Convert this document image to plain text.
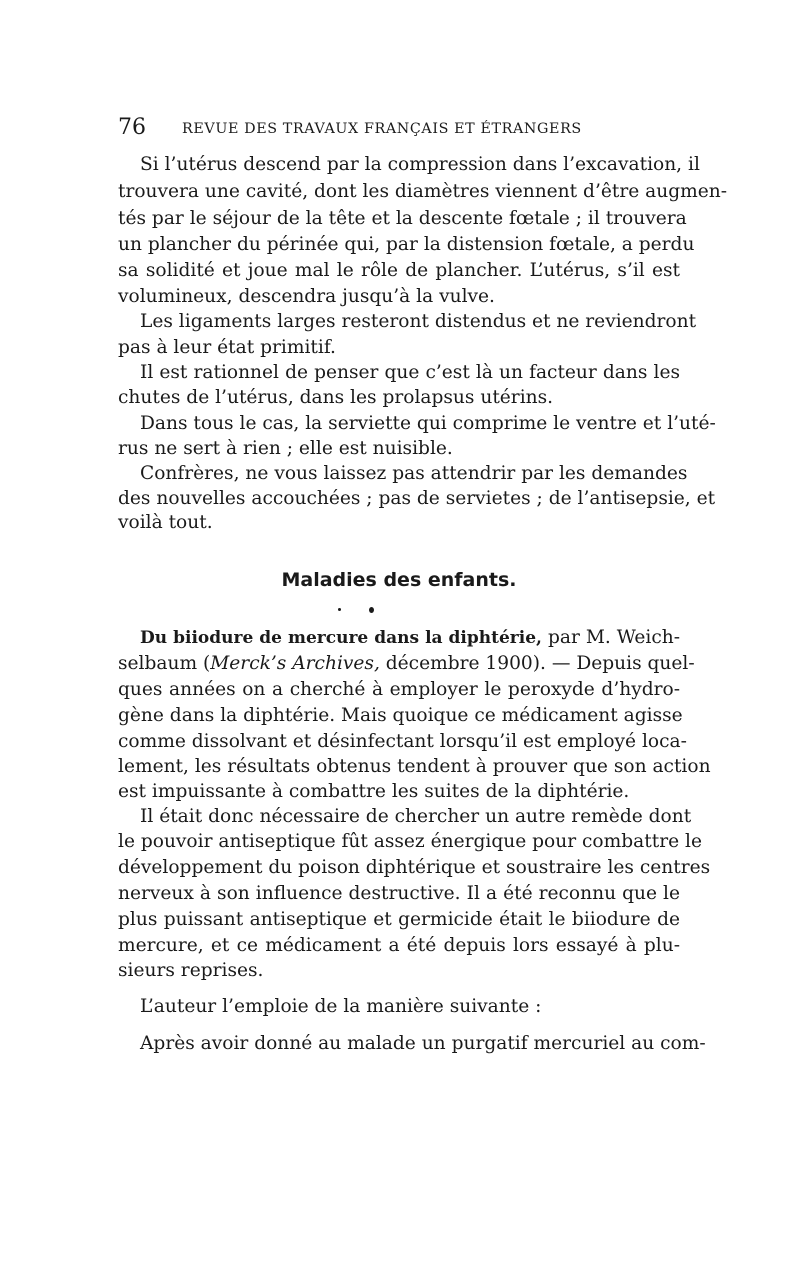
76	REVUE DES TRAVAUX FRANÇAIS ET ÉTRANGERS
Si l’utérus descend par la compression dans l’excavation, il
trouvera une cavité, dont les diamètres viennent d’être augmen-
tés par le séjour de la tête et la descente fœtale ; il trouvera
un plancher du périnée qui, par la distension fœtale, a perdu
sa solidité et joue mal le rôle de plancher. L’utérus, s’il est
volumineux, descendra jusqu’à la vulve.
Les ligaments larges resteront distendus et ne reviendront
pas à leur état primitif.
Il est rationnel de penser que c’est là un facteur dans les
chutes de l’utérus, dans les prolapsus utérins.
Dans tous le cas, la serviette qui comprime le ventre et l’uté-
rus ne sert à rien ; elle est nuisible.
Confrères, ne vous laissez pas attendrir par les demandes
des nouvelles accouchées ; pas de servietes ; de l’antisepsie, et
voilà tout.
Maladies des enfants.
Du biiodure de mercure dans la diphtérie, par M. Weich-
selbaum (Merck’s Archives, décembre 1900). — Depuis quel-
ques années on a cherché à employer le peroxyde d’hydro-
gène dans la diphtérie. Mais quoique ce médicament agisse
comme dissolvant et désinfectant lorsqu’il est employé loca-
lement, les résultats obtenus tendent à prouver que son action
est impuissante à combattre les suites de la diphtérie.
Il était donc nécessaire de chercher un autre remède dont
le pouvoir antiseptique fût assez énergique pour combattre le
développement du poison diphtérique et soustraire les centres
nerveux à son influence destructive. Il a été reconnu que le
plus puissant antiseptique et germicide était le biiodure de
mercure, et ce médicament a été depuis lors essayé à plu-
sieurs reprises.
L’auteur l’emploie de la manière suivante :
Après avoir donné au malade un purgatif mercuriel au com-
